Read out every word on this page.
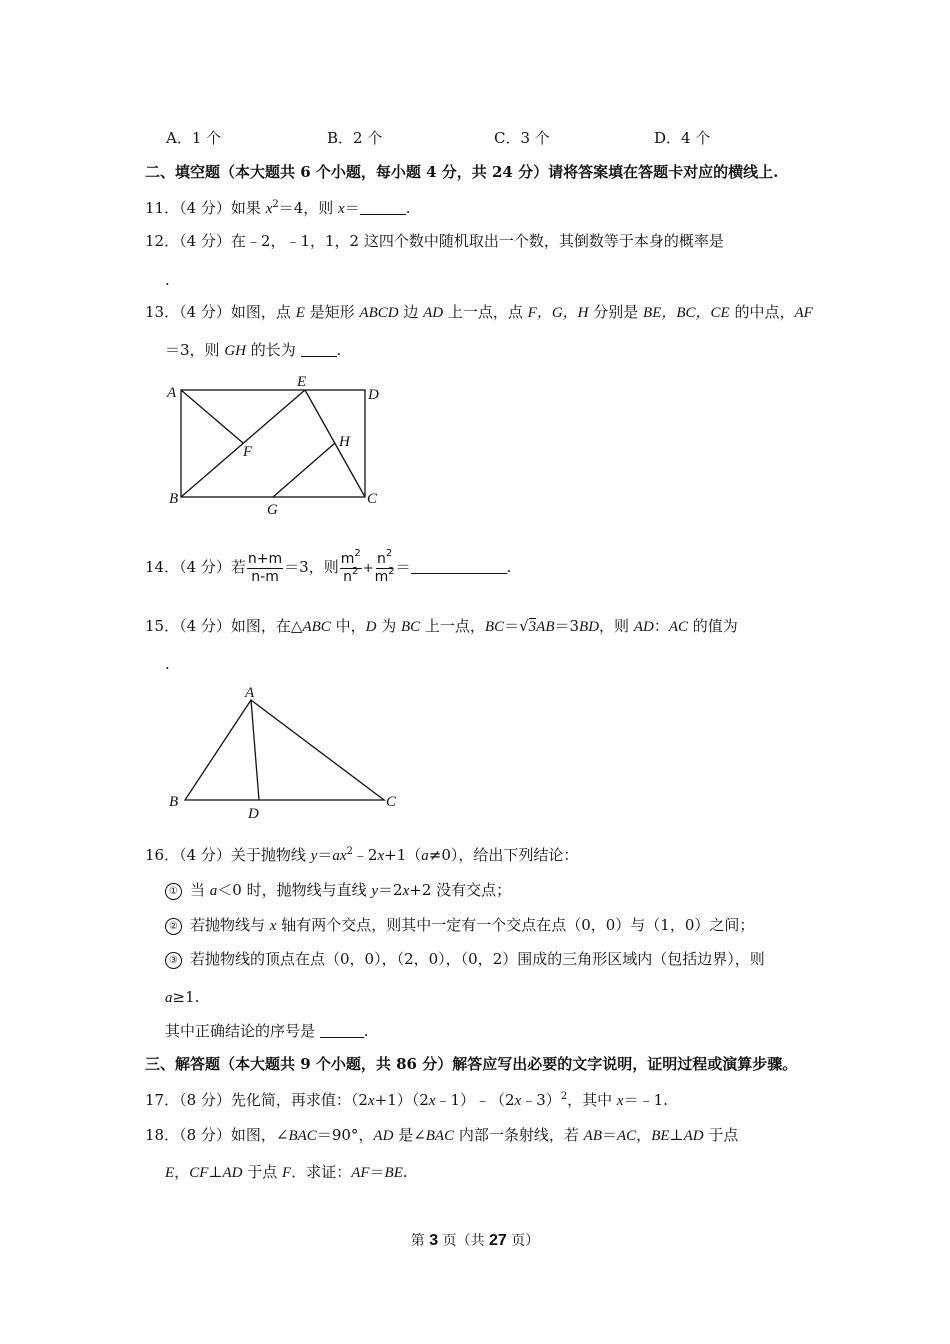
A．1 个	B．2 个	C．3 个	D．4 个
二、填空题（本大题共 6 个小题，每小题 4 分，共 24 分）请将答案填在答题卡对应的横线上.
11．（4 分）如果 $x^2=4$，则 x＝	.
12．（4 分）在﹣2，﹣1，1，2 这四个数中随机取出一个数，其倒数等于本身的概率是
.
13．（4 分）如图，点 E 是矩形 ABCD 边 AD 上一点，点 F，G，H 分别是 BE，BC，CE 的中点，AF
＝3，则 GH 的长为 .
A	D
E
F
H
B	C
G
14．（4 分）若 $\frac{n+m}{n-m} =3$，则 $\frac{m^2}{n^2} + \frac{n^2}{m^2}$ ＝	.
15．（4 分）如图，在△ABC 中，D 为 BC 上一点，BC＝√3AB＝3BD，则 AD：AC 的值为
.
A
B	C
D
16．（4 分）关于抛物线 $y=ax^2﹣2x+1(a\ne 0)$，给出下列结论：
① 当 a＜0 时，抛物线与直线 y＝2x+2 没有交点；
② 若抛物线与 x 轴有两个交点，则其中一定有一个交点在点（0，0）与（1，0）之间；
③ 若抛物线的顶点在点（0，0），（2，0），（0，2）围成的三角形区域内（包括边界），则
a≥1.
其中正确结论的序号是	.
三、解答题（本大题共 9 个小题，共 86 分）解答应写出必要的文字说明，证明过程或演算步骤。
17．（8 分）先化简，再求值：（2x+1）（2x﹣1）﹣（2x﹣3）$^2$，其中 x＝﹣1.
18．（8 分）如图，∠BAC＝90°，AD 是∠BAC 内部一条射线，若 AB＝AC，BE⊥AD 于点
E，CF⊥AD 于点 F．求证：AF＝BE.
第 3 页（共 27 页）
